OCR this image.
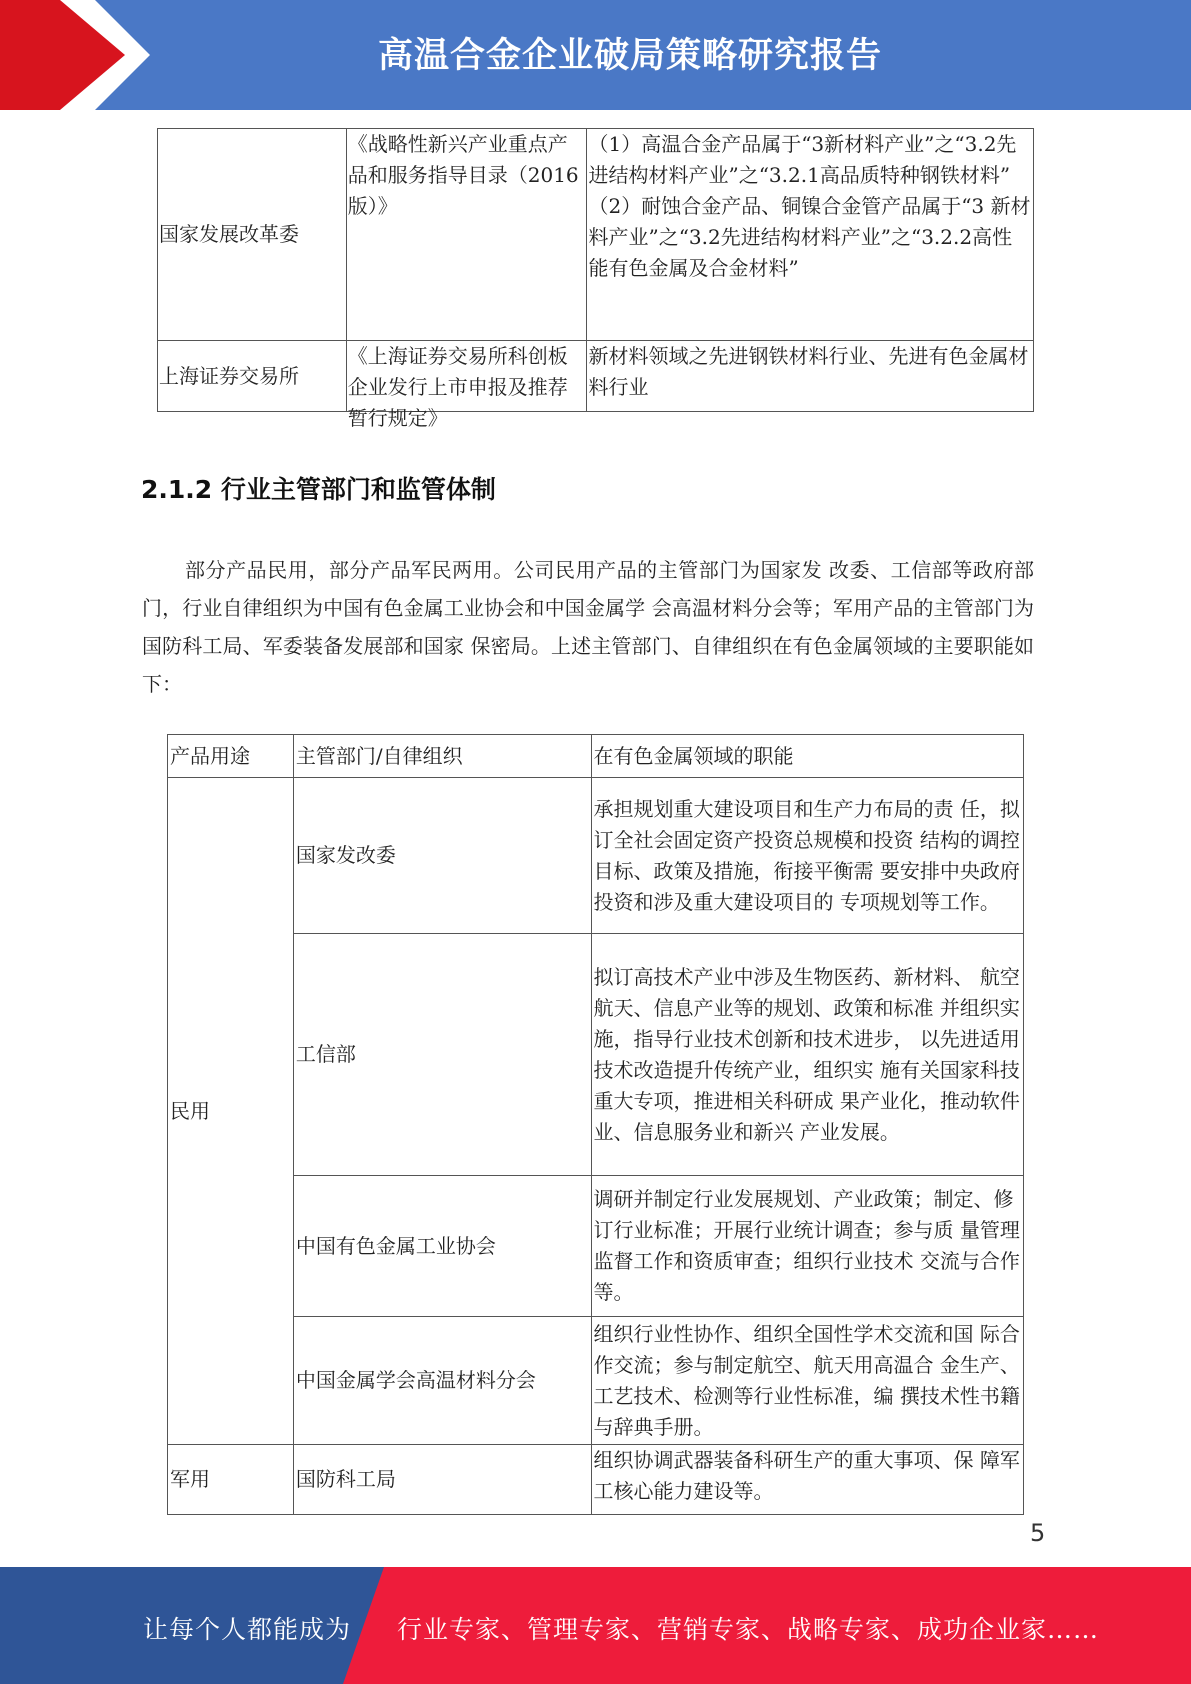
高温合金企业破局策略研究报告
国家发展改革委	《战略性新兴产业重点产品和服务指导目录（2016版）》	（1）高温合金产品属于“3新材料产业”之“3.2先进结构材料产业”之“3.2.1高品质特种钢铁材料”
（2）耐蚀合金产品、铜镍合金管产品属于“3 新材料产业”之“3.2先进结构材料产业”之“3.2.2高性能有色金属及合金材料”

上海证券交易所	《上海证券交易所科创板企业发行上市申报及推荐暂行规定》	新材料领域之先进钢铁材料行业、先进有色金属材料行业
2.1.2 行业主管部门和监管体制
部分产品民用，部分产品军民两用。公司民用产品的主管部门为国家发 改委、工信部等政府部门，行业自律组织为中国有色金属工业协会和中国金属学 会高温材料分会等；军用产品的主管部门为国防科工局、军委装备发展部和国家 保密局。上述主管部门、自律组织在有色金属领域的主要职能如下：
产品用途	主管部门/自律组织	在有色金属领域的职能
民用	国家发改委	承担规划重大建设项目和生产力布局的责 任，拟订全社会固定资产投资总规模和投资 结构的调控目标、政策及措施，衔接平衡需 要安排中央政府投资和涉及重大建设项目的 专项规划等工作。
	工信部	拟订高技术产业中涉及生物医药、新材料、 航空航天、信息产业等的规划、政策和标准 并组织实施，指导行业技术创新和技术进步， 以先进适用技术改造提升传统产业，组织实 施有关国家科技重大专项，推进相关科研成 果产业化，推动软件业、信息服务业和新兴 产业发展。
	中国有色金属工业协会	调研并制定行业发展规划、产业政策；制定、修订行业标准；开展行业统计调查；参与质 量管理监督工作和资质审查；组织行业技术 交流与合作等。
	中国金属学会高温材料分会	组织行业性协作、组织全国性学术交流和国 际合作交流；参与制定航空、航天用高温合 金生产、工艺技术、检测等行业性标准，编 撰技术性书籍与辞典手册。
军用	国防科工局	组织协调武器装备科研生产的重大事项、保 障军工核心能力建设等。
5
让每个人都能成为 行业专家、管理专家、营销专家、战略专家、成功企业家……
